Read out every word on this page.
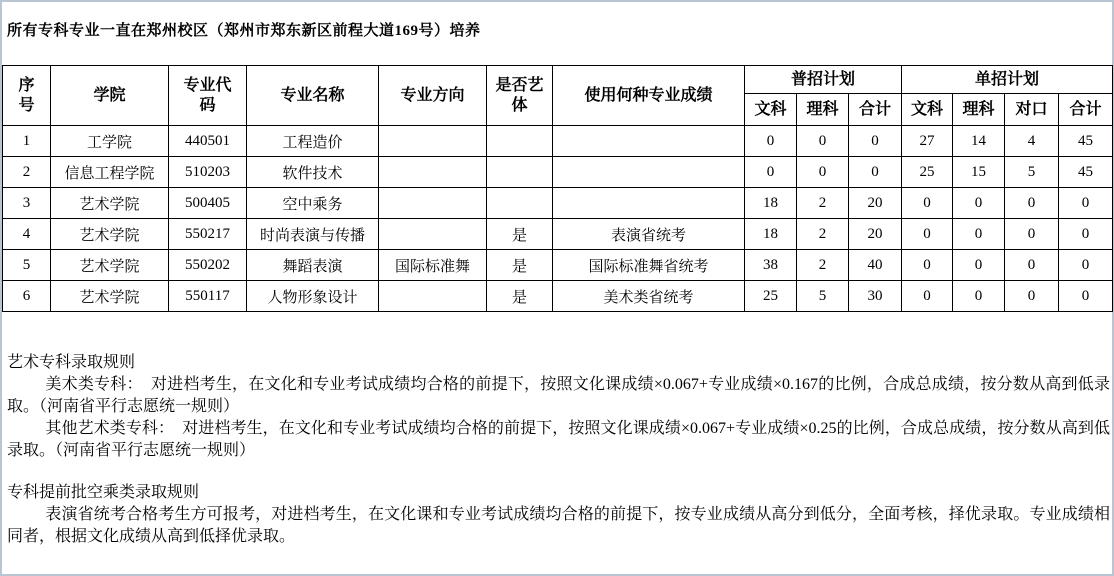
所有专科专业一直在郑州校区（郑州市郑东新区前程大道169号）培养

序号	学院	专业代码	专业名称	专业方向	是否艺体	使用何种专业成绩	普招计划			单招计划			
							文科	理科	合计	文科	理科	对口	合计
1	工学院	440501	工程造价				0	0	0	27	14	4	45
2	信息工程学院	510203	软件技术				0	0	0	25	15	5	45
3	艺术学院	500405	空中乘务				18	2	20	0	0	0	0
4	艺术学院	550217	时尚表演与传播		是	表演省统考	18	2	20	0	0	0	0
5	艺术学院	550202	舞蹈表演	国际标准舞	是	国际标准舞省统考	38	2	40	0	0	0	0
6	艺术学院	550117	人物形象设计		是	美术类省统考	25	5	30	0	0	0	0

艺术专科录取规则

美术类专科：　对进档考生，在文化和专业考试成绩均合格的前提下，按照文化课成绩×0.067+专业成绩×0.167的比例，合成总成绩，按分数从高到低录取。（河南省平行志愿统一规则）

其他艺术类专科：　对进档考生，在文化和专业考试成绩均合格的前提下，按照文化课成绩×0.067+专业成绩×0.25的比例，合成总成绩，按分数从高到低录取。（河南省平行志愿统一规则）

专科提前批空乘类录取规则

表演省统考合格考生方可报考，对进档考生，在文化课和专业考试成绩均合格的前提下，按专业成绩从高分到低分，全面考核，择优录取。专业成绩相同者，根据文化成绩从高到低择优录取。
